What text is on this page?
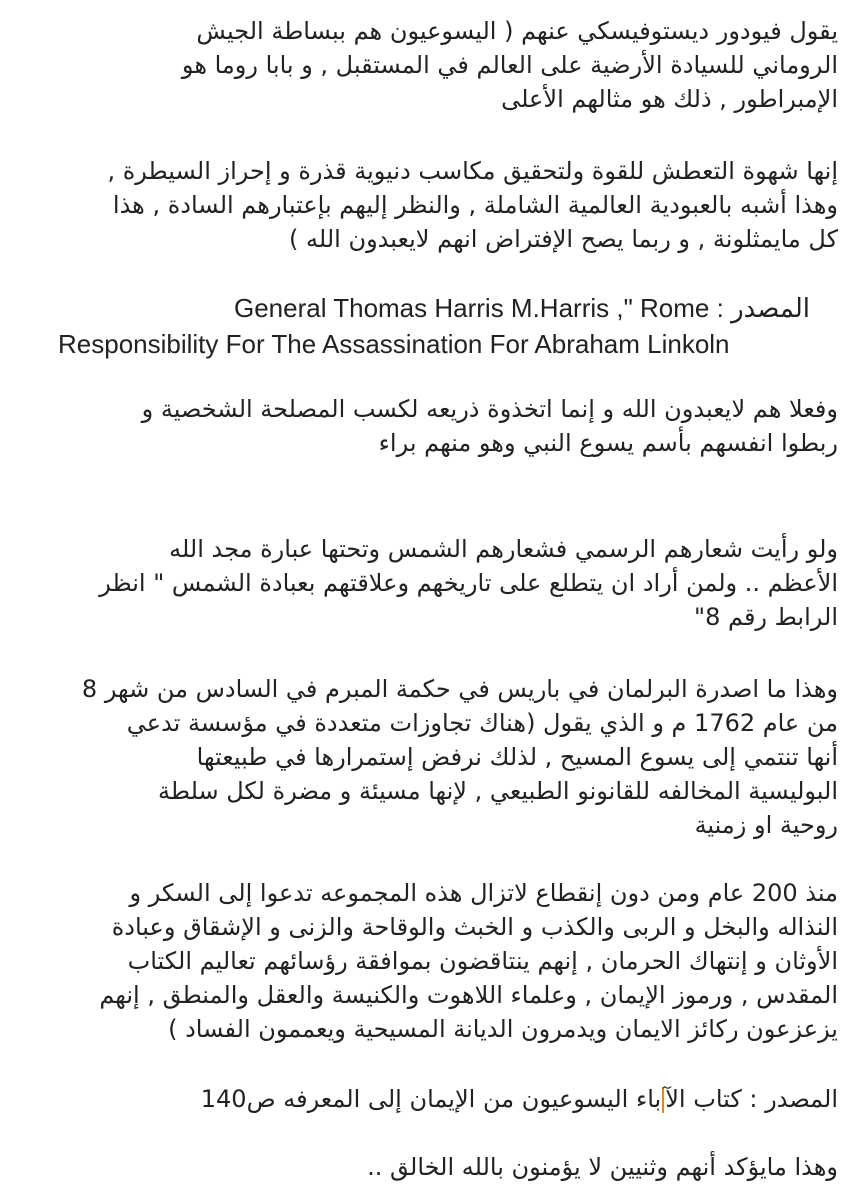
يقول فيودور ديستوفيسكي عنهم ( اليسوعيون هم ببساطة الجيش
الروماني للسيادة الأرضية على العالم في المستقبل , و بابا روما هو
الإمبراطور , ذلك هو مثالهم الأعلى
إنها شهوة التعطش للقوة ولتحقيق مكاسب دنيوية قذرة و إحراز السيطرة ,
وهذا أشبه بالعبودية العالمية الشاملة , والنظر إليهم بإعتبارهم السادة , هذا
كل مايمثلونة , و ربما يصح الإفتراض انهم لايعبدون الله )
المصدر : General Thomas Harris M.Harris ," Rome
Responsibility For The Assassination For Abraham Linkoln
وفعلا هم لايعبدون الله و إنما اتخذوة ذريعه لكسب المصلحة الشخصية و
ربطوا انفسهم بأسم يسوع النبي وهو منهم براء
ولو رأيت شعارهم الرسمي فشعارهم الشمس وتحتها عبارة مجد الله
الأعظم .. ولمن أراد ان يتطلع على تاريخهم وعلاقتهم بعبادة الشمس " انظر
الرابط رقم 8"
وهذا ما اصدرة البرلمان في باريس في حكمة المبرم في السادس من شهر 8
من عام 1762 م و الذي يقول (هناك تجاوزات متعددة في مؤسسة تدعي
أنها تنتمي إلى يسوع المسيح , لذلك نرفض إستمرارها في طبيعتها
البوليسية المخالفه للقانونو الطبيعي , لإنها مسيئة و مضرة لكل سلطة
روحية او زمنية
منذ 200 عام ومن دون إنقطاع لاتزال هذه المجموعه تدعوا إلى السكر و
النذاله والبخل و الربى والكذب و الخبث والوقاحة والزنى و الإشقاق وعبادة
الأوثان و إنتهاك الحرمان , إنهم ينتاقضون بموافقة رؤسائهم تعاليم الكتاب
المقدس , ورموز الإيمان , وعلماء اللاهوت والكنيسة والعقل والمنطق , إنهم
يزعزعون ركائز الايمان ويدمرون الديانة المسيحية ويعممون الفساد )
المصدر : كتاب الآباء اليسوعيون من الإيمان إلى المعرفه ص140
وهذا مايؤكد أنهم وثنيين لا يؤمنون بالله الخالق ..
